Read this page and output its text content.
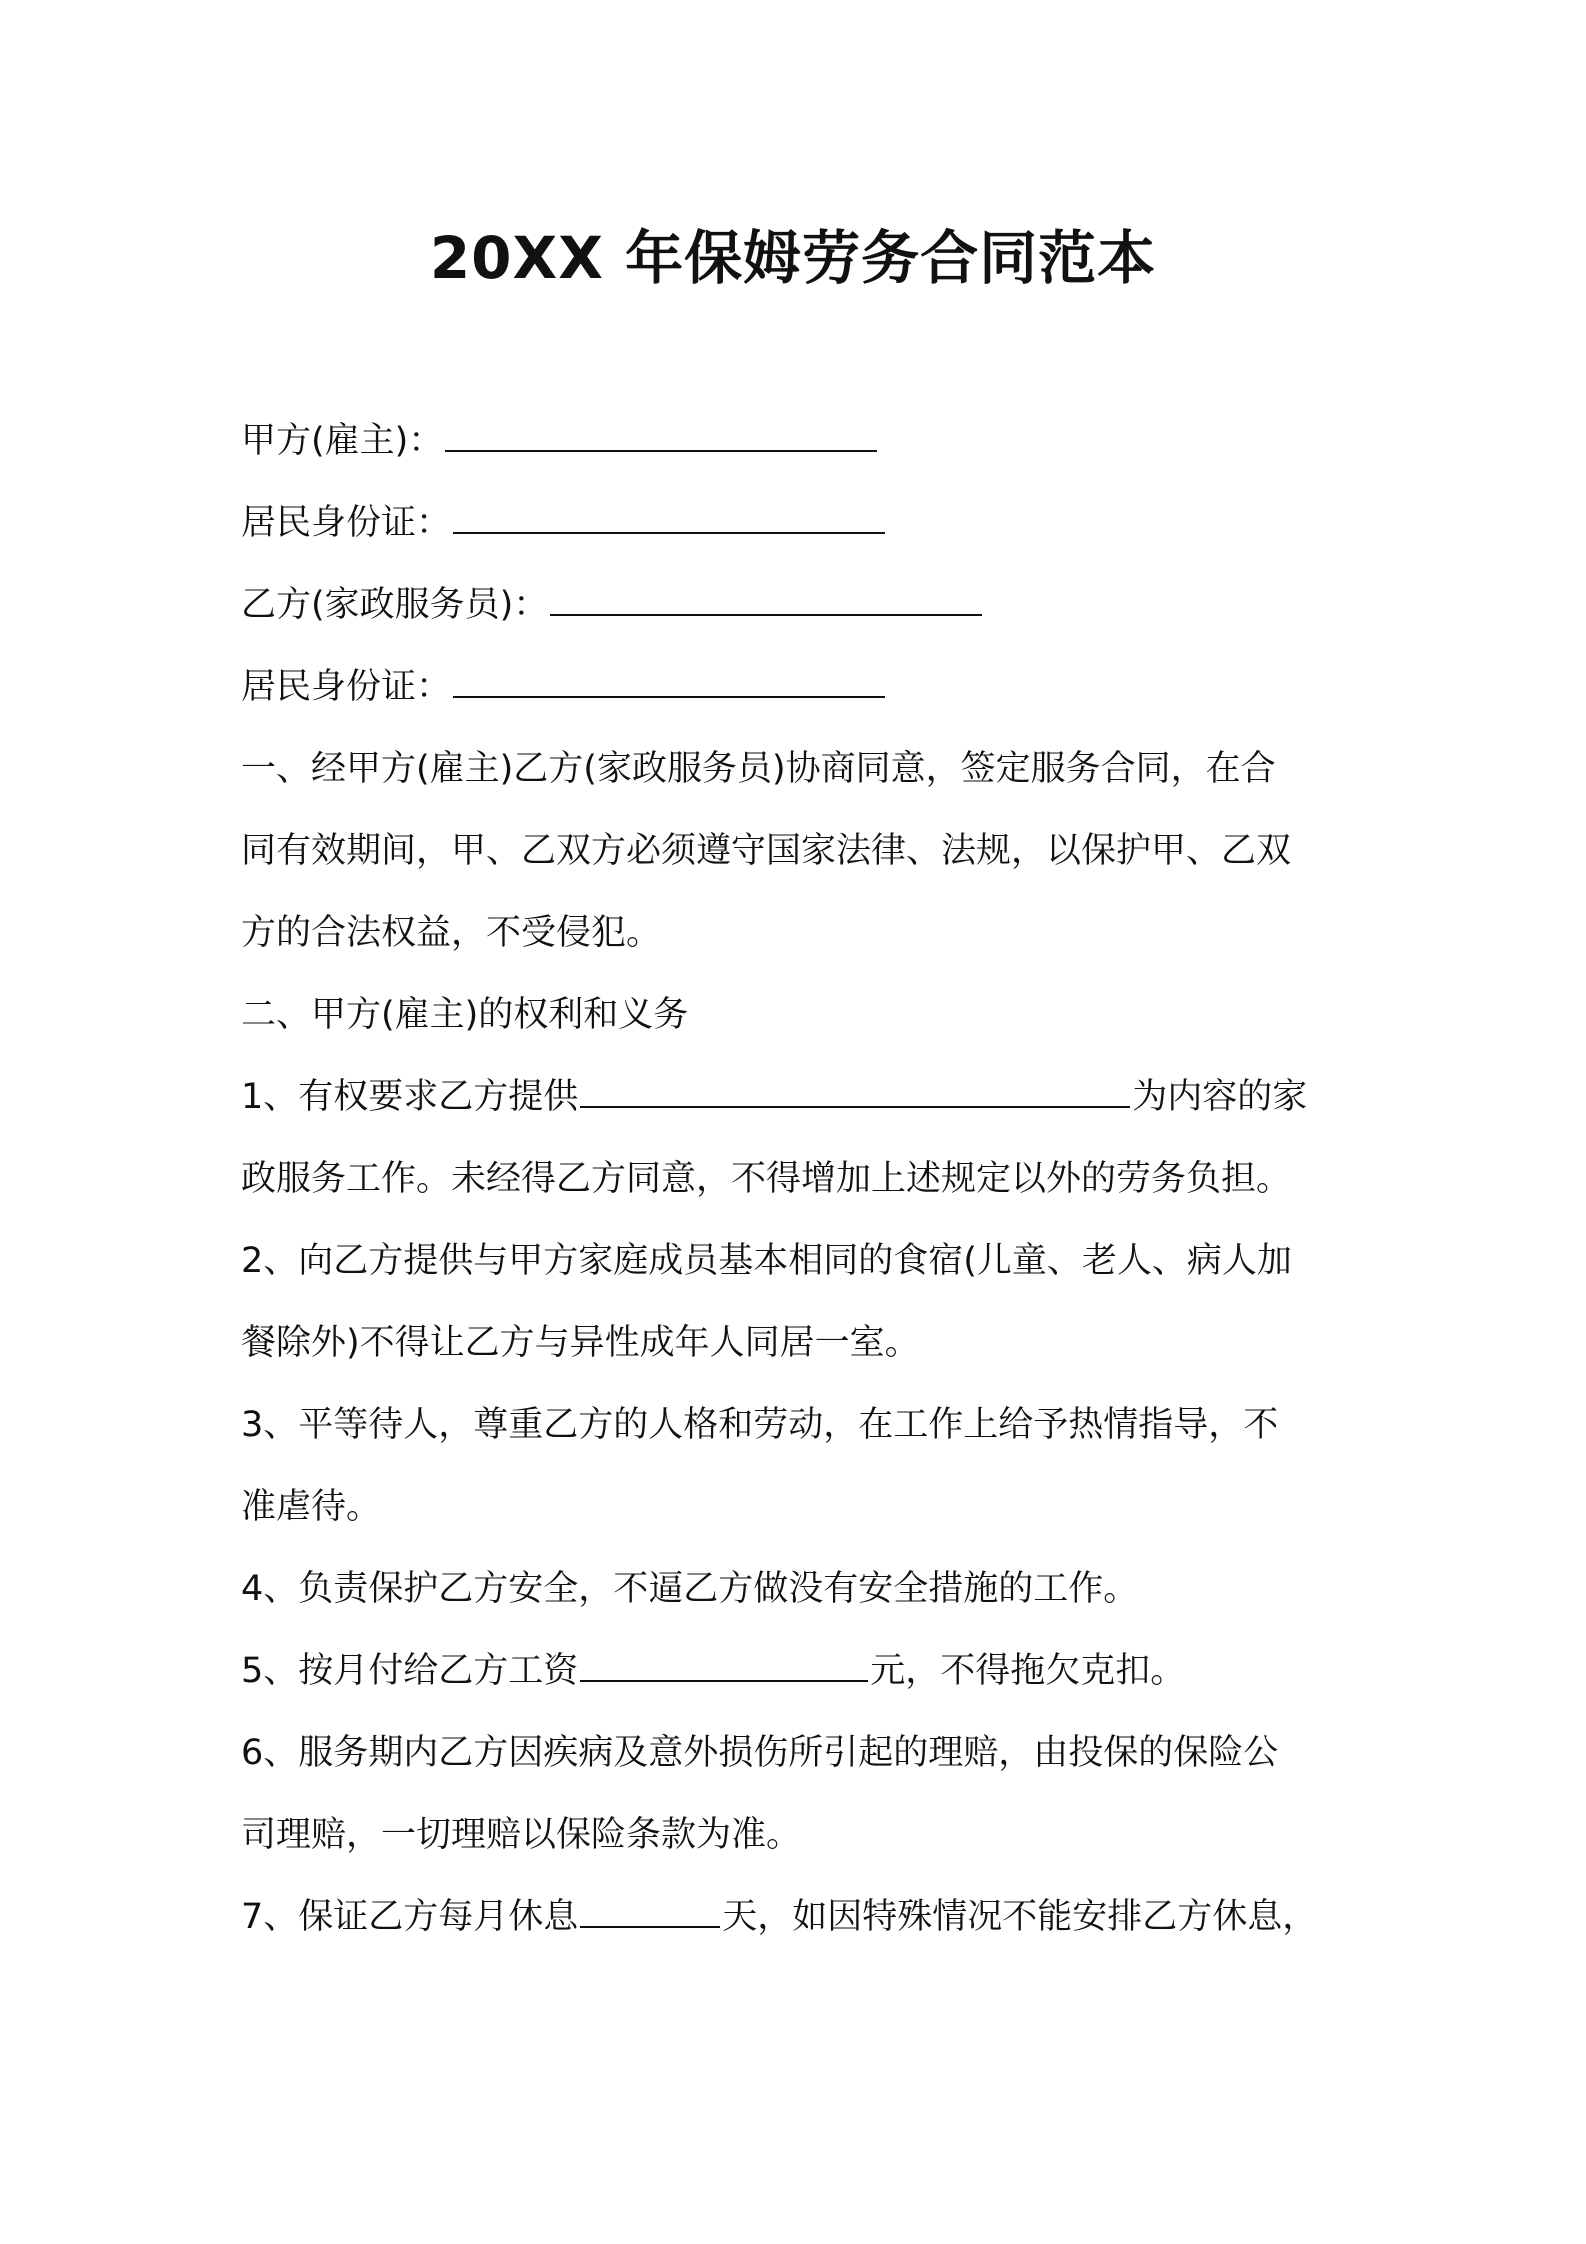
20XX 年保姆劳务合同范本
甲方(雇主)：
居民身份证：
乙方(家政服务员)：
居民身份证：
一、经甲方(雇主)乙方(家政服务员)协商同意，签定服务合同，在合
同有效期间，甲、乙双方必须遵守国家法律、法规，以保护甲、乙双
方的合法权益，不受侵犯。
二、甲方(雇主)的权利和义务
1、有权要求乙方提供	为内容的家
政服务工作。未经得乙方同意，不得增加上述规定以外的劳务负担。
2、向乙方提供与甲方家庭成员基本相同的食宿(儿童、老人、病人加
餐除外)不得让乙方与异性成年人同居一室。
3、平等待人，尊重乙方的人格和劳动，在工作上给予热情指导，不
准虐待。
4、负责保护乙方安全，不逼乙方做没有安全措施的工作。
5、按月付给乙方工资	元，不得拖欠克扣。
6、服务期内乙方因疾病及意外损伤所引起的理赔，由投保的保险公
司理赔，一切理赔以保险条款为准。
7、保证乙方每月休息	天，如因特殊情况不能安排乙方休息，
